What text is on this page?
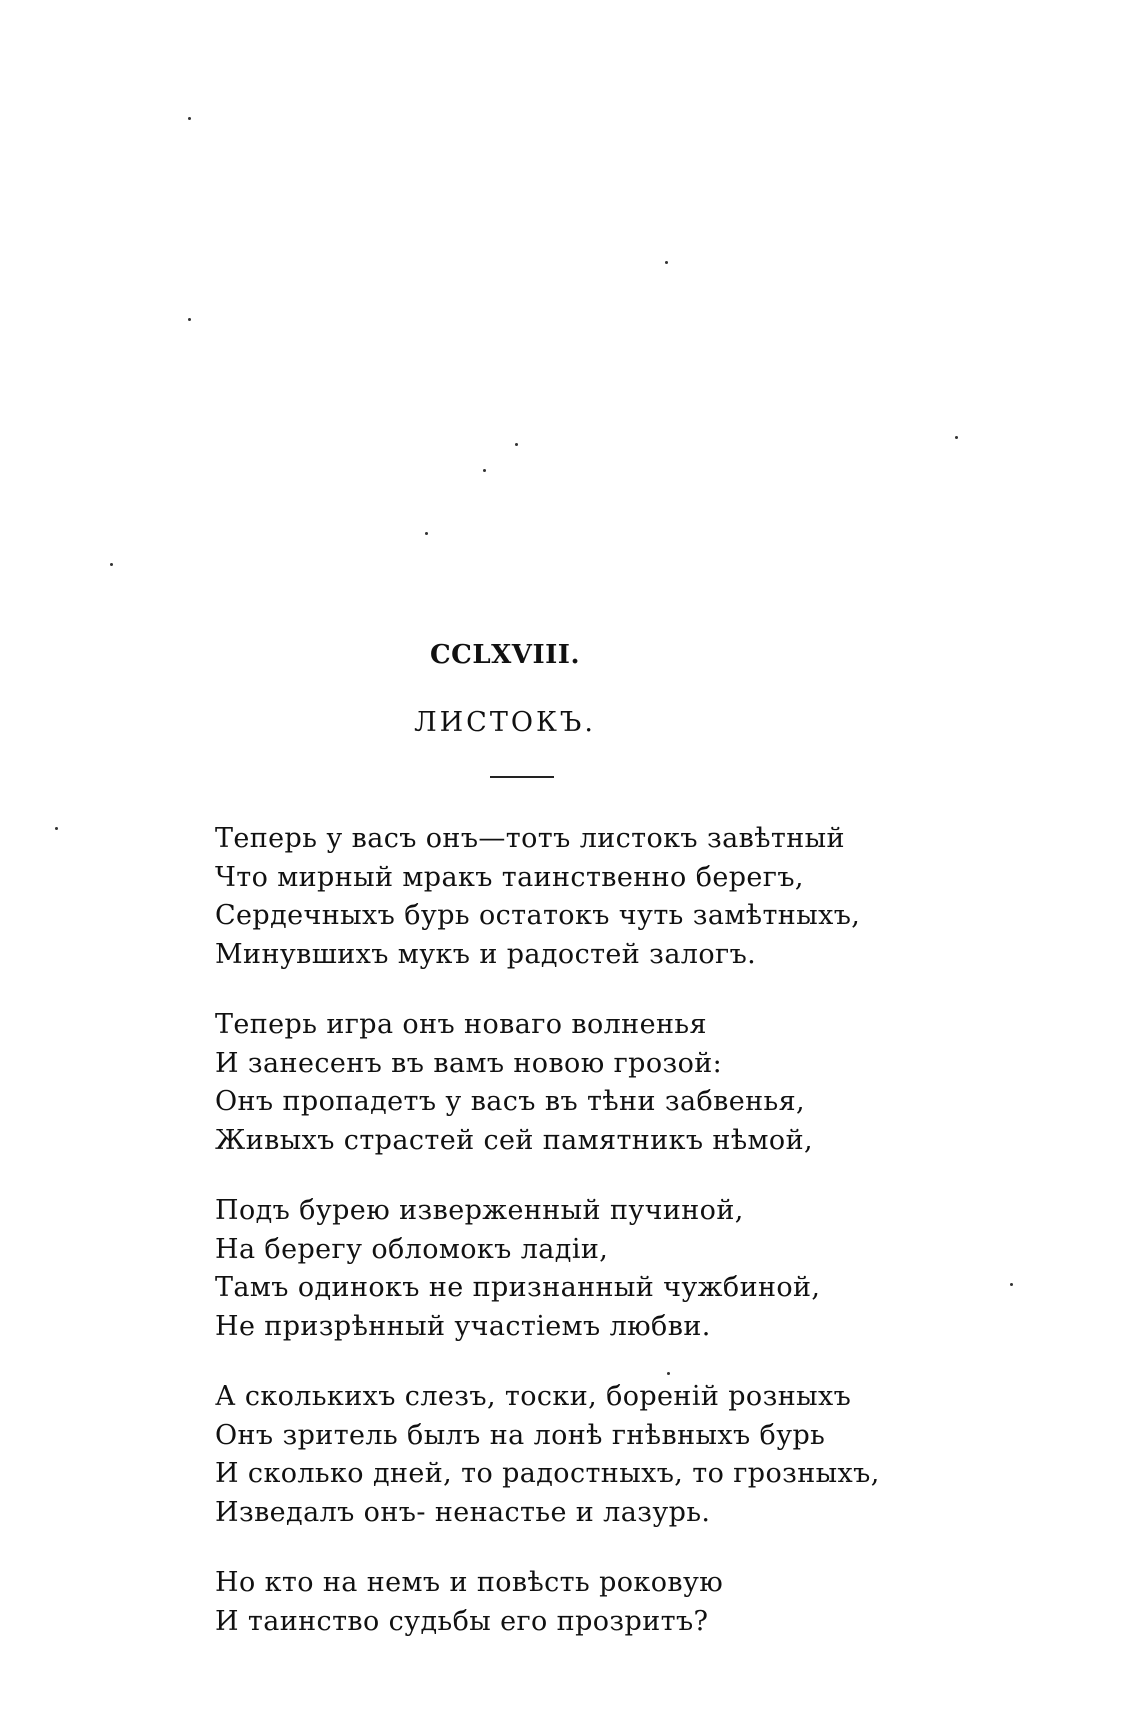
CCLXVIII.
ЛИСТОКЪ.
Теперь у васъ онъ—тотъ листокъ завѣтный
Что мирный мракъ таинственно берегъ,
Сердечныхъ бурь остатокъ чуть замѣтныхъ,
Минувшихъ мукъ и радостей залогъ.
Теперь игра онъ новаго волненья
И занесенъ въ вамъ новою грозой:
Онъ пропадетъ у васъ въ тѣни забвенья,
Живыхъ страстей сей памятникъ нѣмой,
Подъ бурею изверженный пучиной,
На берегу обломокъ ладіи,
Тамъ одинокъ не признанный чужбиной,
Не призрѣнный участіемъ любви.
А сколькихъ слезъ, тоски, бореній розныхъ
Онъ зритель былъ на лонѣ гнѣвныхъ бурь
И сколько дней, то радостныхъ, то грозныхъ,
Изведалъ онъ- ненастье и лазурь.
Но кто на немъ и повѣсть роковую
И таинство судьбы его прозритъ?
